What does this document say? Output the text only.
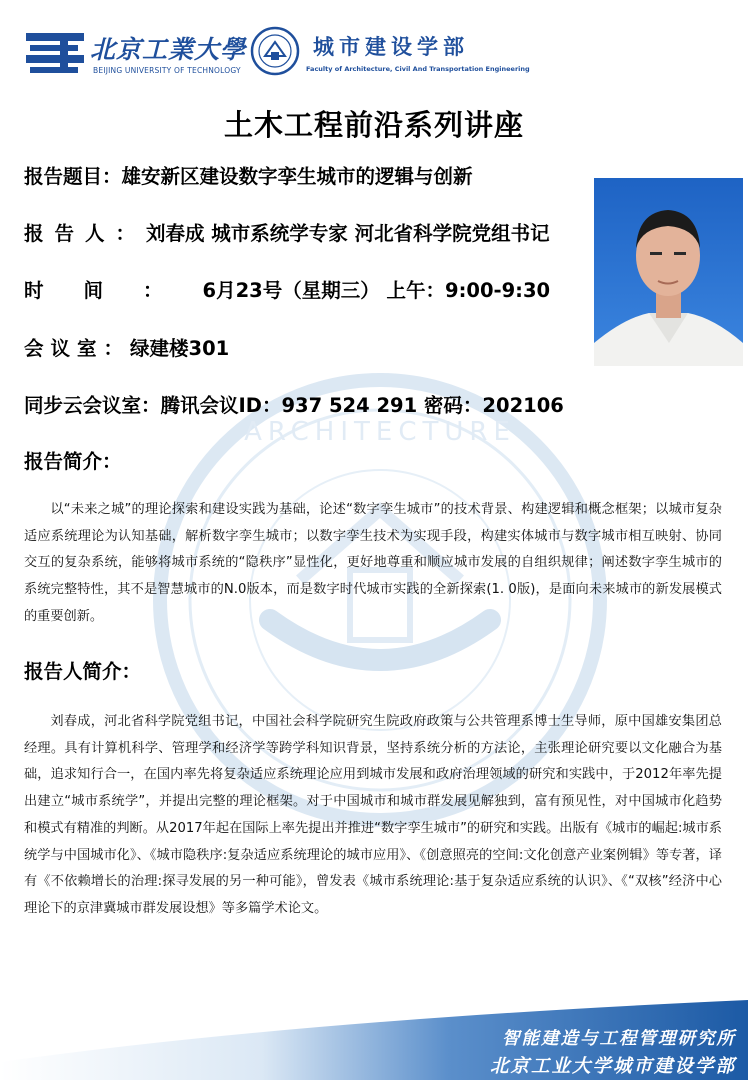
ARCHITECTURE
北京工業大學
BEIJING UNIVERSITY OF TECHNOLOGY
城市建设学部
Faculty of Architecture, Civil And Transportation Engineering
土木工程前沿系列讲座
报告题目：雄安新区建设数字孪生城市的逻辑与创新
报告人：刘春成 城市系统学专家 河北省科学院党组书记
时间：6月23号（星期三） 上午：9:00-9:30
会议室：绿建楼301
同步云会议室：腾讯会议ID：937 524 291 密码：202106
报告简介：

以“未来之城”的理论探索和建设实践为基础，论述“数字孪生城市”的技术背景、构建逻辑和概念框架；以城市复杂适应系统理论为认知基础，解析数字孪生城市；以数字孪生技术为实现手段，构建实体城市与数字城市相互映射、协同交互的复杂系统，能够将城市系统的“隐秩序”显性化，更好地尊重和顺应城市发展的自组织规律；阐述数字孪生城市的系统完整特性，其不是智慧城市的N.0版本，而是数字时代城市实践的全新探索(1. 0版)，是面向未来城市的新发展模式的重要创新。

报告人简介：

刘春成，河北省科学院党组书记，中国社会科学院研究生院政府政策与公共管理系博士生导师，原中国雄安集团总经理。具有计算机科学、管理学和经济学等跨学科知识背景，坚持系统分析的方法论，主张理论研究要以文化融合为基础，追求知行合一，在国内率先将复杂适应系统理论应用到城市发展和政府治理领域的研究和实践中，于2012年率先提出建立“城市系统学”，并提出完整的理论框架。对于中国城市和城市群发展见解独到，富有预见性，对中国城市化趋势和模式有精准的判断。从2017年起在国际上率先提出并推进“数字孪生城市”的研究和实践。出版有《城市的崛起:城市系统学与中国城市化》、《城市隐秩序:复杂适应系统理论的城市应用》、《创意照亮的空间:文化创意产业案例辑》等专著，译有《不依赖增长的治理:探寻发展的另一种可能》，曾发表《城市系统理论:基于复杂适应系统的认识》、《“双核”经济中心理论下的京津冀城市群发展设想》等多篇学术论文。

智能建造与工程管理研究所
北京工业大学城市建设学部
